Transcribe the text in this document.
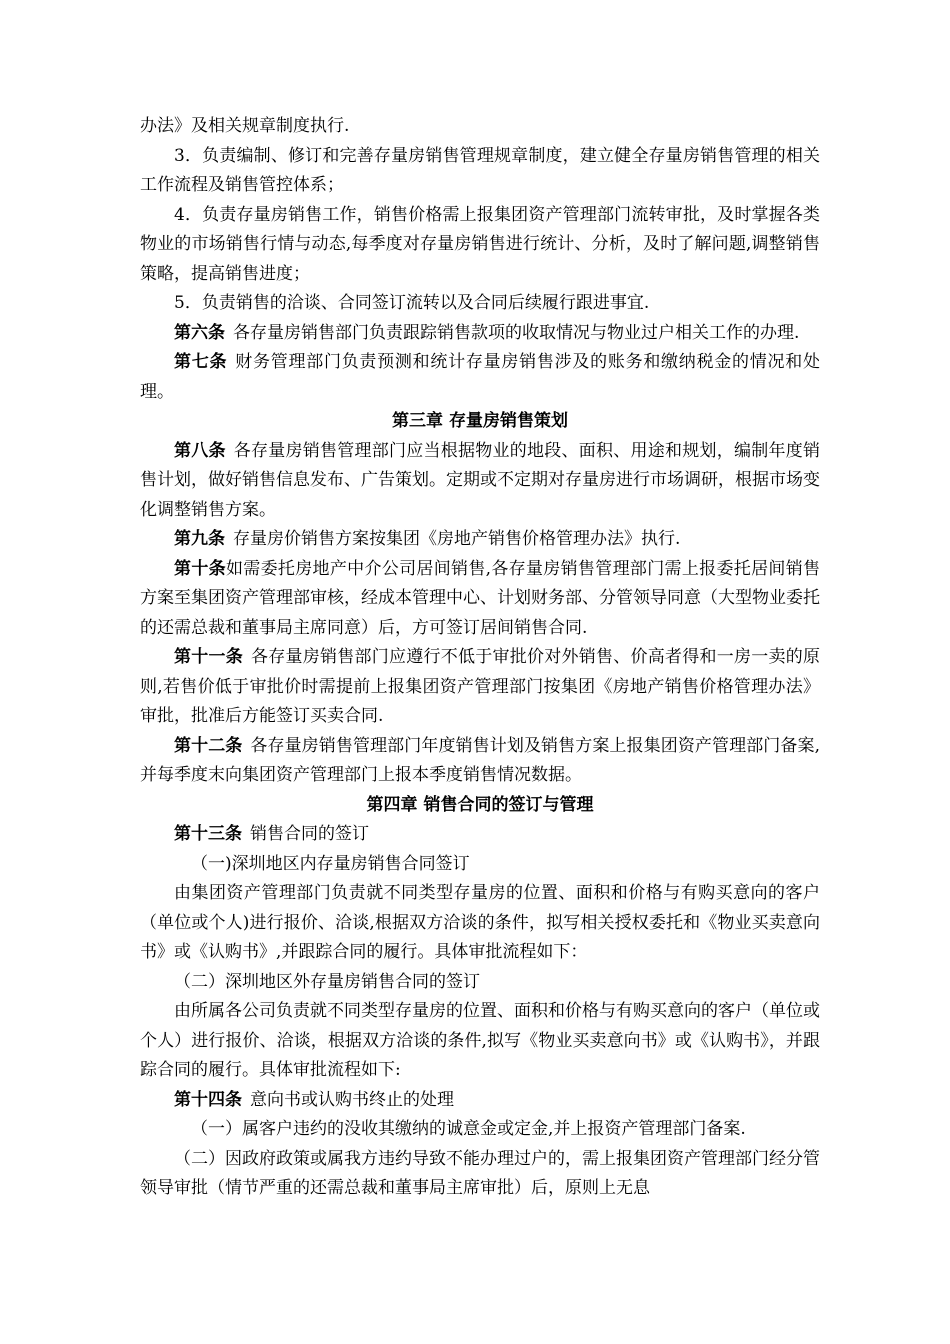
办法》及相关规章制度执行.

3．负责编制、修订和完善存量房销售管理规章制度，建立健全存量房销售管理的相关工作流程及销售管控体系；

4．负责存量房销售工作，销售价格需上报集团资产管理部门流转审批，及时掌握各类物业的市场销售行情与动态,每季度对存量房销售进行统计、分析，及时了解问题,调整销售策略，提高销售进度；

5．负责销售的洽谈、合同签订流转以及合同后续履行跟进事宜.

第六条 各存量房销售部门负责跟踪销售款项的收取情况与物业过户相关工作的办理.

第七条 财务管理部门负责预测和统计存量房销售涉及的账务和缴纳税金的情况和处理。

第三章 存量房销售策划

第八条 各存量房销售管理部门应当根据物业的地段、面积、用途和规划，编制年度销售计划，做好销售信息发布、广告策划。定期或不定期对存量房进行市场调研，根据市场变化调整销售方案。

第九条 存量房价销售方案按集团《房地产销售价格管理办法》执行.

第十条如需委托房地产中介公司居间销售,各存量房销售管理部门需上报委托居间销售方案至集团资产管理部审核，经成本管理中心、计划财务部、分管领导同意（大型物业委托的还需总裁和董事局主席同意）后，方可签订居间销售合同.

第十一条 各存量房销售部门应遵行不低于审批价对外销售、价高者得和一房一卖的原则,若售价低于审批价时需提前上报集团资产管理部门按集团《房地产销售价格管理办法》审批，批准后方能签订买卖合同.

第十二条 各存量房销售管理部门年度销售计划及销售方案上报集团资产管理部门备案,并每季度末向集团资产管理部门上报本季度销售情况数据。

第四章 销售合同的签订与管理

第十三条 销售合同的签订

（一)深圳地区内存量房销售合同签订

由集团资产管理部门负责就不同类型存量房的位置、面积和价格与有购买意向的客户（单位或个人)进行报价、洽谈,根据双方洽谈的条件，拟写相关授权委托和《物业买卖意向书》或《认购书》,并跟踪合同的履行。具体审批流程如下：

（二）深圳地区外存量房销售合同的签订

由所属各公司负责就不同类型存量房的位置、面积和价格与有购买意向的客户（单位或个人）进行报价、洽谈，根据双方洽谈的条件,拟写《物业买卖意向书》或《认购书》，并跟踪合同的履行。具体审批流程如下:

第十四条 意向书或认购书终止的处理

（一）属客户违约的没收其缴纳的诚意金或定金,并上报资产管理部门备案.

（二）因政府政策或属我方违约导致不能办理过户的，需上报集团资产管理部门经分管领导审批（情节严重的还需总裁和董事局主席审批）后，原则上无息
